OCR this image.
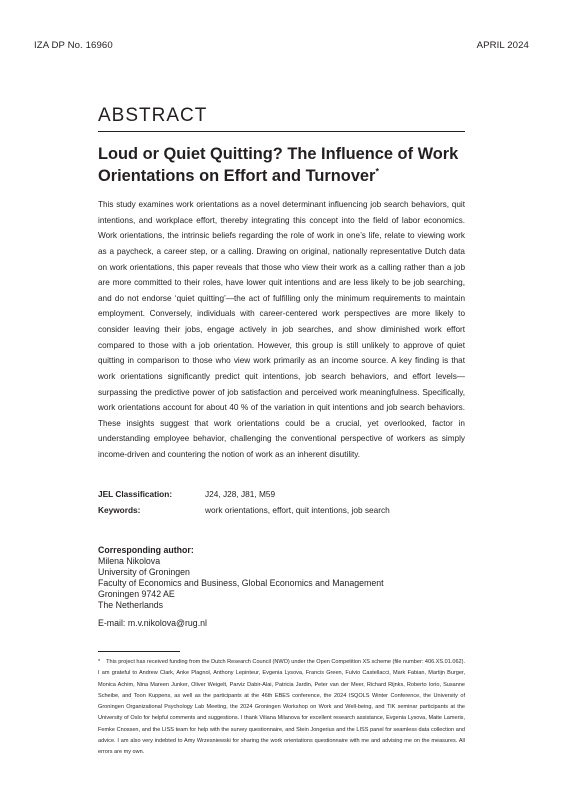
IZA DP No. 16960	APRIL 2024
ABSTRACT
Loud or Quiet Quitting? The Influence of Work Orientations on Effort and Turnover*

This study examines work orientations as a novel determinant influencing job search behaviors, quit intentions, and workplace effort, thereby integrating this concept into the field of labor economics. Work orientations, the intrinsic beliefs regarding the role of work in one’s life, relate to viewing work as a paycheck, a career step, or a calling. Drawing on original, nationally representative Dutch data on work orientations, this paper reveals that those who view their work as a calling rather than a job are more committed to their roles, have lower quit intentions and are less likely to be job searching, and do not endorse ‘quiet quitting’—the act of fulfilling only the minimum requirements to maintain employment. Conversely, individuals with career-centered work perspectives are more likely to consider leaving their jobs, engage actively in job searches, and show diminished work effort compared to those with a job orientation. However, this group is still unlikely to approve of quiet quitting in comparison to those who view work primarily as an income source. A key finding is that work orientations significantly predict quit intentions, job search behaviors, and effort levels—surpassing the predictive power of job satisfaction and perceived work meaningfulness. Specifically, work orientations account for about 40 % of the variation in quit intentions and job search behaviors. These insights suggest that work orientations could be a crucial, yet overlooked, factor in understanding employee behavior, challenging the conventional perspective of workers as simply income-driven and countering the notion of work as an inherent disutility.

JEL Classification:	J24, J28, J81, M59
Keywords:	work orientations, effort, quit intentions, job search
Corresponding author:
Milena Nikolova
University of Groningen
Faculty of Economics and Business, Global Economics and Management
Groningen 9742 AE
The Netherlands
E-mail: m.v.nikolova@rug.nl

* This project has received funding from the Dutch Research Council (NWO) under the Open Competition XS scheme (file number: 406.XS.01.062). I am grateful to Andrew Clark, Anke Plagnol, Anthony Lepinteur, Evgenia Lysova, Francis Green, Fulvio Castellacci, Mark Fabian, Martijn Burger, Monica Achim, Nina Mareen Junker, Oliver Weigelt, Parviz Dabir-Alai, Patricia Jardin, Peter van der Meer, Richard Rijnks, Roberto Iorio, Susanne Scheibe, and Toon Kuppens, as well as the participants at the 46th EBES conference, the 2024 ISQOLS Winter Conference, the University of Groningen Organizational Psychology Lab Meeting, the 2024 Groningen Workshop on Work and Well-being, and TIK seminar participants at the University of Oslo for helpful comments and suggestions. I thank Viliana Milanova for excellent research assistance, Evgenia Lysova, Maite Lameris, Femke Cnossen, and the LISS team for help with the survey questionnaire, and Stein Jongerius and the LISS panel for seamless data collection and advice. I am also very indebted to Amy Wrzesniewski for sharing the work orientations questionnaire with me and advising me on the measures. All errors are my own.
